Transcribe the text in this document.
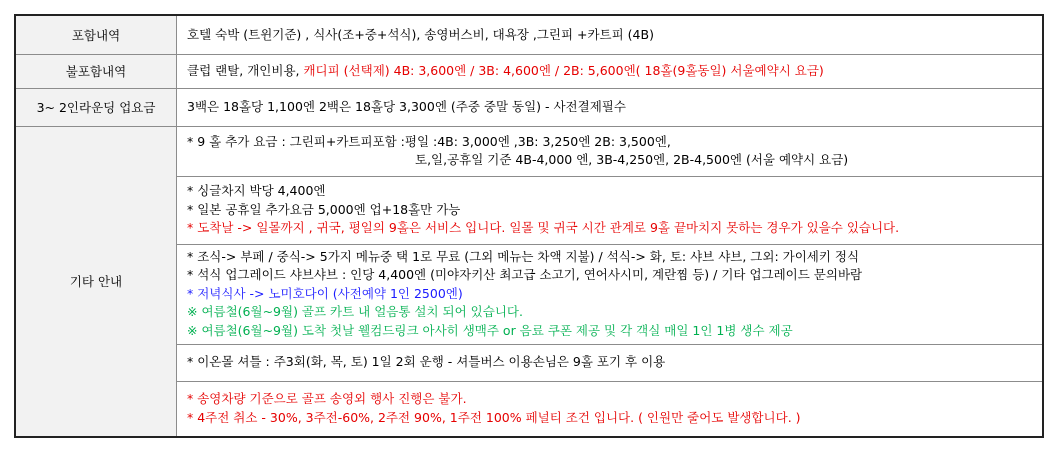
포함내역	호텔 숙박 (트윈기준) , 식사(조+중+석식), 송영버스비, 대욕장 ,그린피 +카트피 (4B)

불포함내역	클럽 랜탈, 개인비용, 캐디피 (선택제) 4B: 3,600엔 / 3B: 4,600엔 / 2B: 5,600엔( 18홀(9홀동일) 서울예약시 요금)

3~ 2인라운딩 업요금	3백은 18홀당 1,100엔 2백은 18홀당 3,300엔 (주중 중말 동일) - 사전결제필수

기타 안내	* 9 홀 추가 요금 : 그린피+카트피포함 :평일 :4B: 3,000엔 ,3B: 3,250엔 2B: 3,500엔,
토,일,공휴일 기준 4B-4,000 엔, 3B-4,250엔, 2B-4,500엔 (서울 예약시 요금)

	* 싱글차지 박당 4,400엔
* 일본 공휴일 추가요금 5,000엔 업+18홀만 가능
* 도착날 -> 일몰까지 , 귀국, 평일의 9홀은 서비스 입니다. 일몰 및 귀국 시간 관계로 9홀 끝마치지 못하는 경우가 있을수 있습니다.

	* 조식-> 부페 / 중식-> 5가지 메뉴중 택 1로 무료 (그외 메뉴는 차액 지불) / 석식-> 화, 토: 샤브 샤브, 그외: 가이세키 정식
* 석식 업그레이드 샤브샤브 : 인당 4,400엔 (미야자키산 최고급 소고기, 연어사시미, 계란찜 등) / 기타 업그레이드 문의바람
* 저녁식사 -> 노미호다이 (사전예약 1인 2500엔)
※ 여름철(6월~9월) 골프 카트 내 얼음통 설치 되어 있습니다.
※ 여름철(6월~9월) 도착 첫날 웰컴드링크 아사히 생맥주 or 음료 쿠폰 제공 및 각 객실 매일 1인 1병 생수 제공

	* 이온몰 셔틀 : 주3회(화, 목, 토) 1일 2회 운행 - 셔틀버스 이용손님은 9홀 포기 후 이용

	* 송영차량 기준으로 골프 송영외 행사 진행은 불가.
* 4주전 취소 - 30%, 3주전-60%, 2주전 90%, 1주전 100% 페널티 조건 입니다. ( 인원만 줄어도 발생합니다. )
